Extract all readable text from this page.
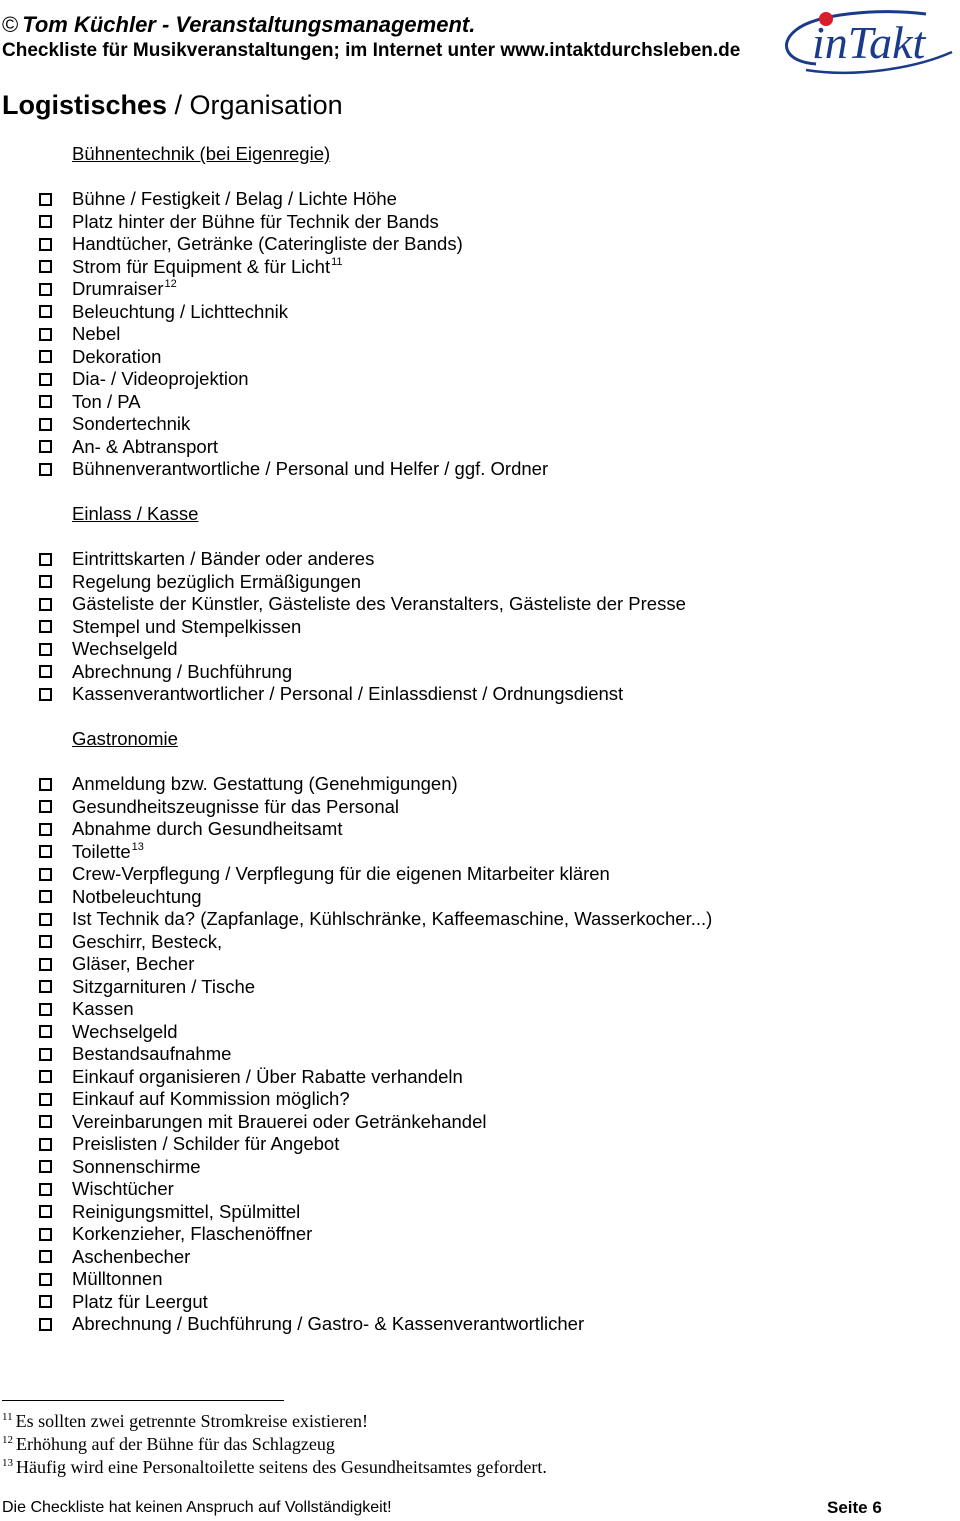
© Tom Küchler - Veranstaltungsmanagement.
Checkliste für Musikveranstaltungen; im Internet unter www.intaktdurchsleben.de inTakt
Logistisches / Organisation
Bühnentechnik (bei Eigenregie)
Bühne / Festigkeit / Belag / Lichte Höhe
Platz hinter der Bühne für Technik der Bands
Handtücher, Getränke (Cateringliste der Bands)
Strom für Equipment & für Licht$^{11}$
Drumraiser$^{12}$
Beleuchtung / Lichttechnik
Nebel
Dekoration
Dia- / Videoprojektion
Ton / PA
Sondertechnik
An- & Abtransport
Bühnenverantwortliche / Personal und Helfer / ggf. Ordner
Einlass / Kasse
Eintrittskarten / Bänder oder anderes
Regelung bezüglich Ermäßigungen
Gästeliste der Künstler, Gästeliste des Veranstalters, Gästeliste der Presse
Stempel und Stempelkissen
Wechselgeld
Abrechnung / Buchführung
Kassenverantwortlicher / Personal / Einlassdienst / Ordnungsdienst
Gastronomie
Anmeldung bzw. Gestattung (Genehmigungen)
Gesundheitszeugnisse für das Personal
Abnahme durch Gesundheitsamt
Toilette$^{13}$
Crew-Verpflegung / Verpflegung für die eigenen Mitarbeiter klären
Notbeleuchtung
Ist Technik da? (Zapfanlage, Kühlschränke, Kaffeemaschine, Wasserkocher...)
Geschirr, Besteck,
Gläser, Becher
Sitzgarnituren / Tische
Kassen
Wechselgeld
Bestandsaufnahme
Einkauf organisieren / Über Rabatte verhandeln
Einkauf auf Kommission möglich?
Vereinbarungen mit Brauerei oder Getränkehandel
Preislisten / Schilder für Angebot
Sonnenschirme
Wischtücher
Reinigungsmittel, Spülmittel
Korkenzieher, Flaschenöffner
Aschenbecher
Mülltonnen
Platz für Leergut
Abrechnung / Buchführung / Gastro- & Kassenverantwortlicher
$^{11}$ Es sollten zwei getrennte Stromkreise existieren!
$^{12}$ Erhöhung auf der Bühne für das Schlagzeug
$^{13}$ Häufig wird eine Personaltoilette seitens des Gesundheitsamtes gefordert.
Die Checkliste hat keinen Anspruch auf Vollständigkeit!	Seite 6
